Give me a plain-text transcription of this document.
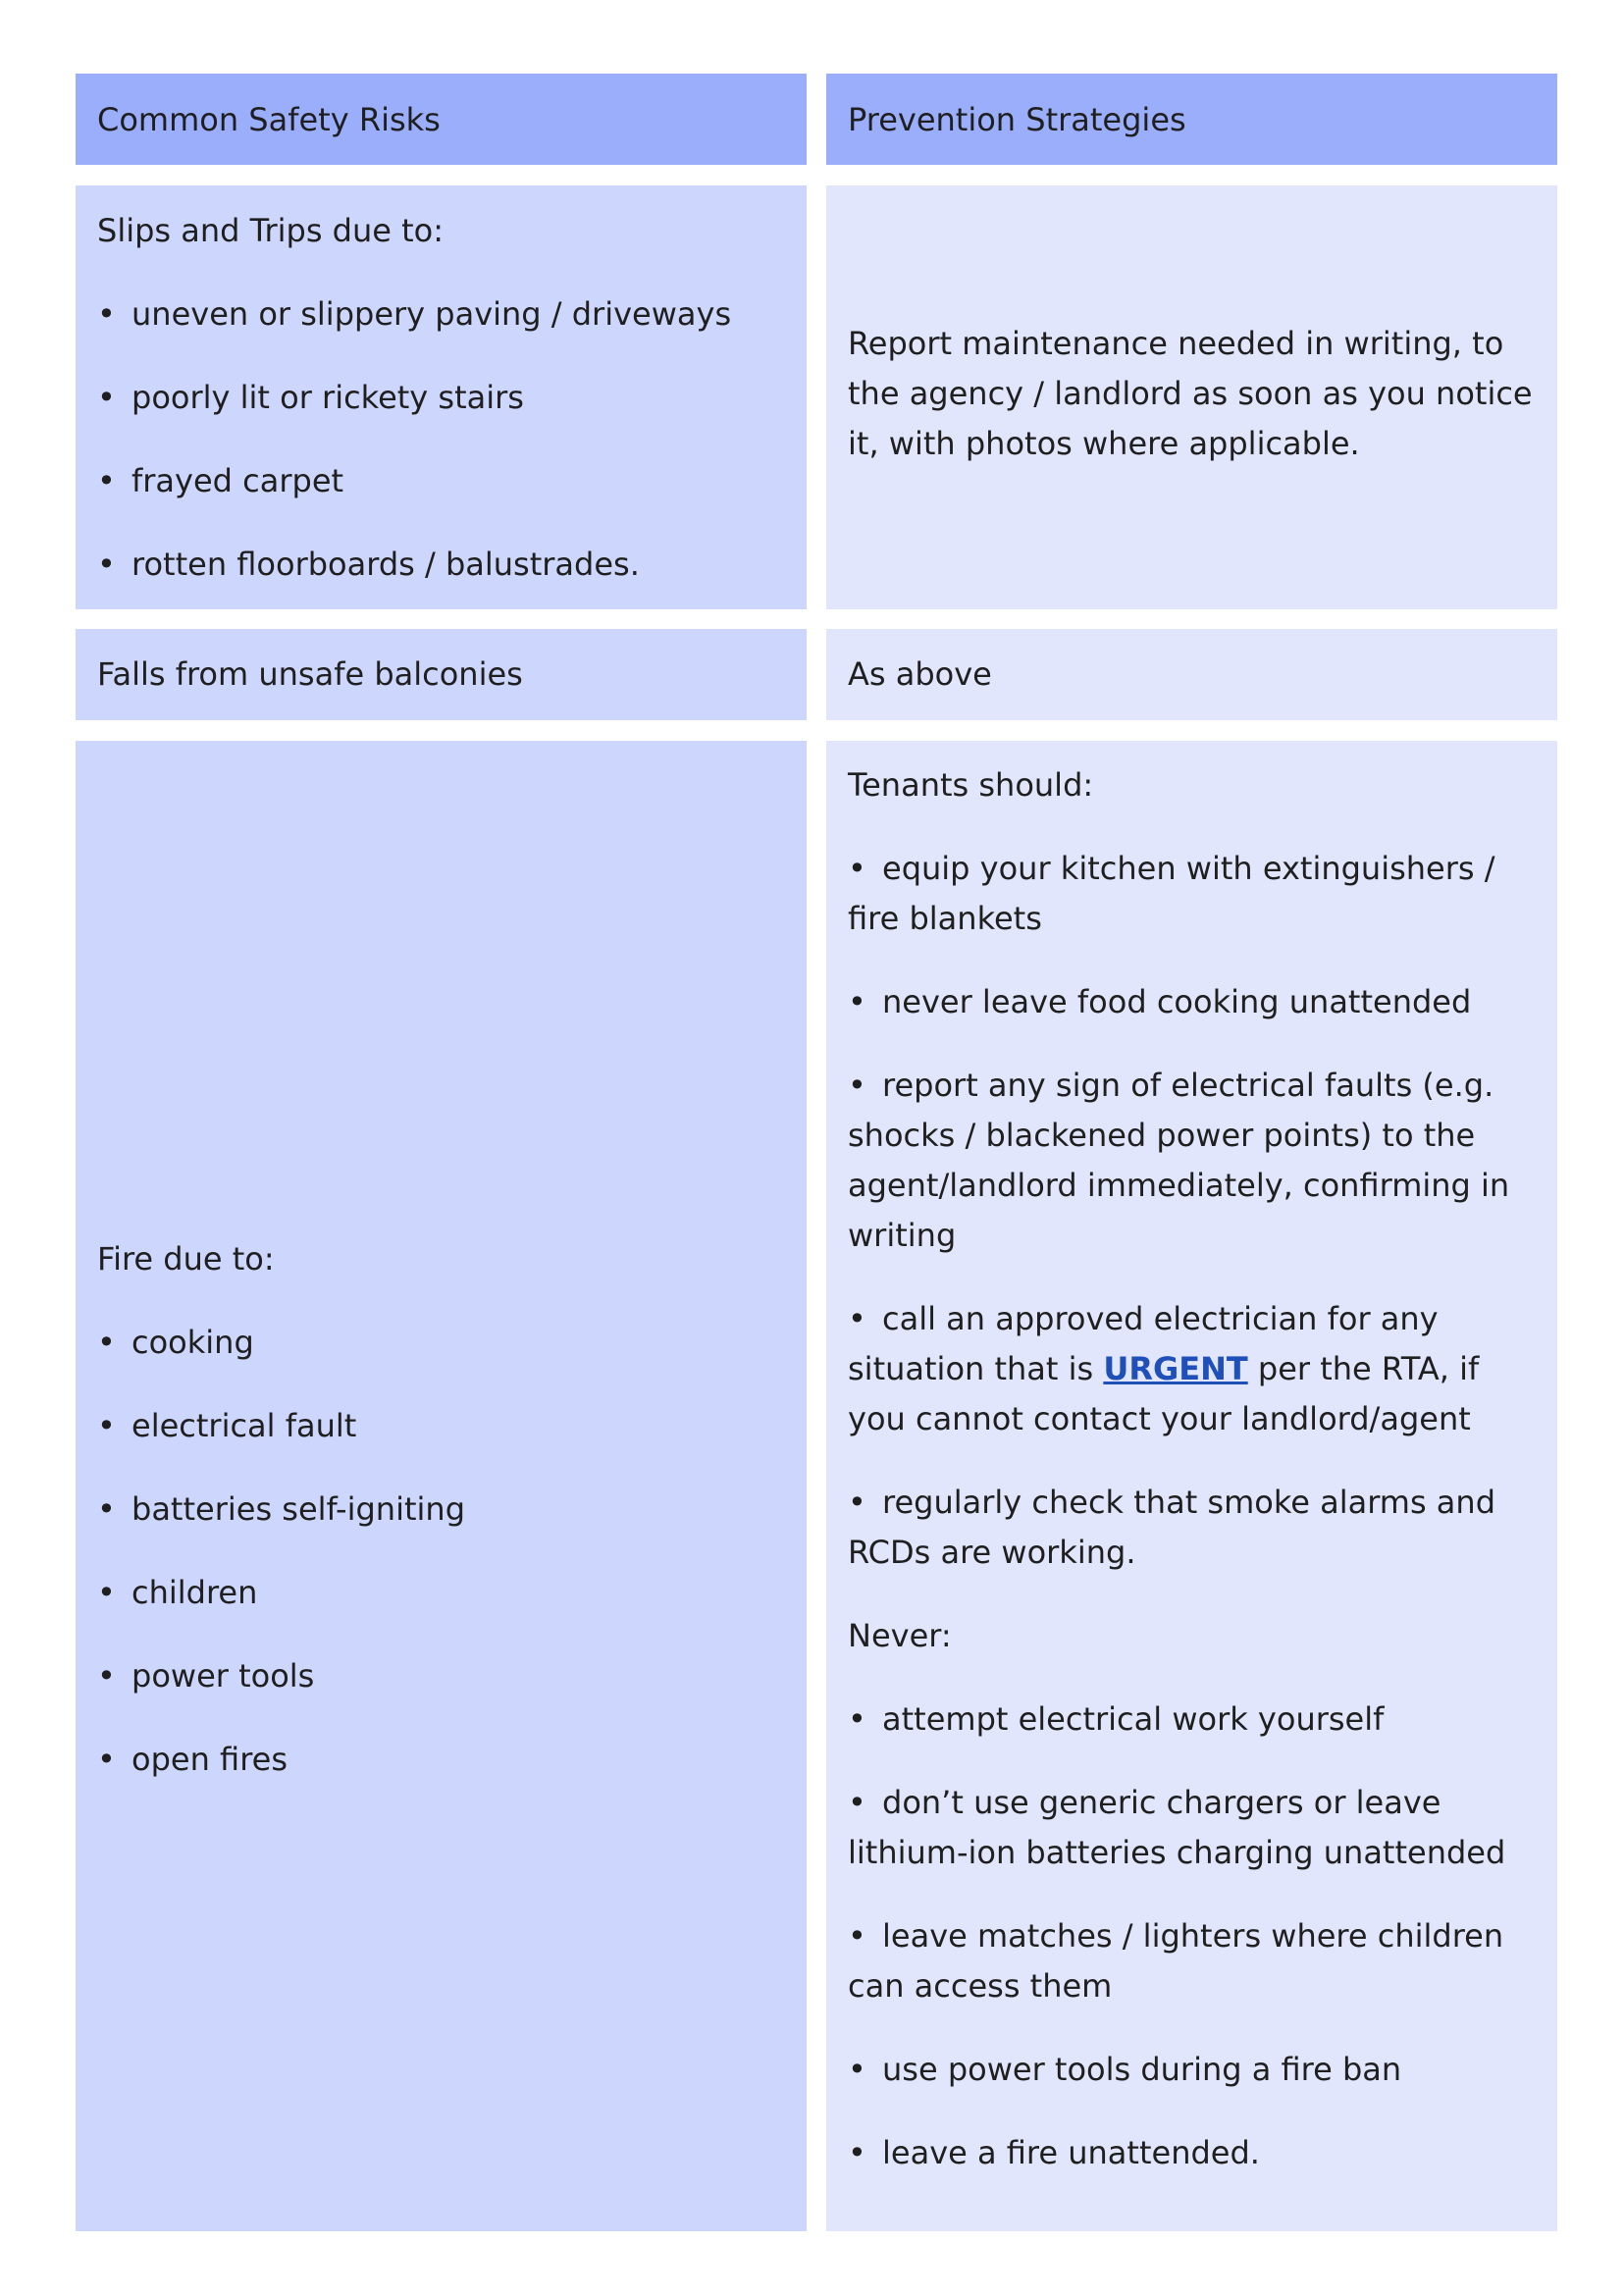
Common Safety Risks	Prevention Strategies
Slips and Trips due to:
• uneven or slippery paving / driveways
• poorly lit or rickety stairs
• frayed carpet
• rotten floorboards / balustrades.
Report maintenance needed in writing, to the agency / landlord as soon as you notice it, with photos where applicable.
Falls from unsafe balconies	As above
Fire due to:
• cooking
• electrical fault
• batteries self-igniting
• children
• power tools
• open fires
Tenants should:
• equip your kitchen with extinguishers / fire blankets
• never leave food cooking unattended
• report any sign of electrical faults (e.g. shocks / blackened power points) to the agent/landlord immediately, confirming in writing
• call an approved electrician for any situation that is URGENT per the RTA, if you cannot contact your landlord/agent
• regularly check that smoke alarms and RCDs are working.
Never:
• attempt electrical work yourself
• don’t use generic chargers or leave lithium-ion batteries charging unattended
• leave matches / lighters where children can access them
• use power tools during a fire ban
• leave a fire unattended.
